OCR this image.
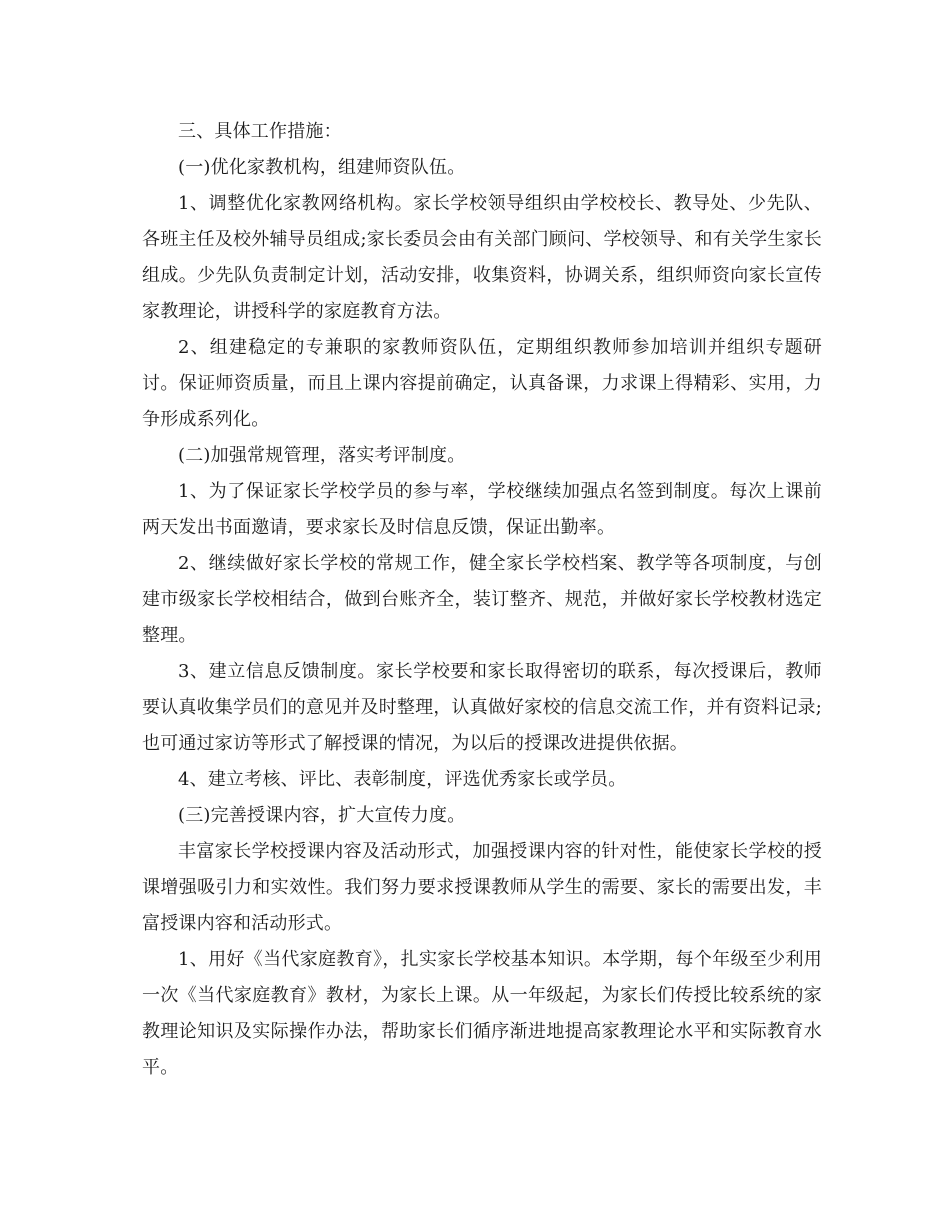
三、具体工作措施：

(一)优化家教机构，组建师资队伍。

1、调整优化家教网络机构。家长学校领导组织由学校校长、教导处、少先队、各班主任及校外辅导员组成;家长委员会由有关部门顾问、学校领导、和有关学生家长组成。少先队负责制定计划，活动安排，收集资料，协调关系，组织师资向家长宣传家教理论，讲授科学的家庭教育方法。

2、组建稳定的专兼职的家教师资队伍，定期组织教师参加培训并组织专题研讨。保证师资质量，而且上课内容提前确定，认真备课，力求课上得精彩、实用，力争形成系列化。

(二)加强常规管理，落实考评制度。

1、为了保证家长学校学员的参与率，学校继续加强点名签到制度。每次上课前两天发出书面邀请，要求家长及时信息反馈，保证出勤率。

2、继续做好家长学校的常规工作，健全家长学校档案、教学等各项制度，与创建市级家长学校相结合，做到台账齐全，装订整齐、规范，并做好家长学校教材选定整理。

3、建立信息反馈制度。家长学校要和家长取得密切的联系，每次授课后，教师要认真收集学员们的意见并及时整理，认真做好家校的信息交流工作，并有资料记录;也可通过家访等形式了解授课的情况，为以后的授课改进提供依据。

4、建立考核、评比、表彰制度，评选优秀家长或学员。

(三)完善授课内容，扩大宣传力度。

丰富家长学校授课内容及活动形式，加强授课内容的针对性，能使家长学校的授课增强吸引力和实效性。我们努力要求授课教师从学生的需要、家长的需要出发，丰富授课内容和活动形式。

1、用好《当代家庭教育》，扎实家长学校基本知识。本学期，每个年级至少利用一次《当代家庭教育》教材，为家长上课。从一年级起，为家长们传授比较系统的家教理论知识及实际操作办法，帮助家长们循序渐进地提高家教理论水平和实际教育水平。
